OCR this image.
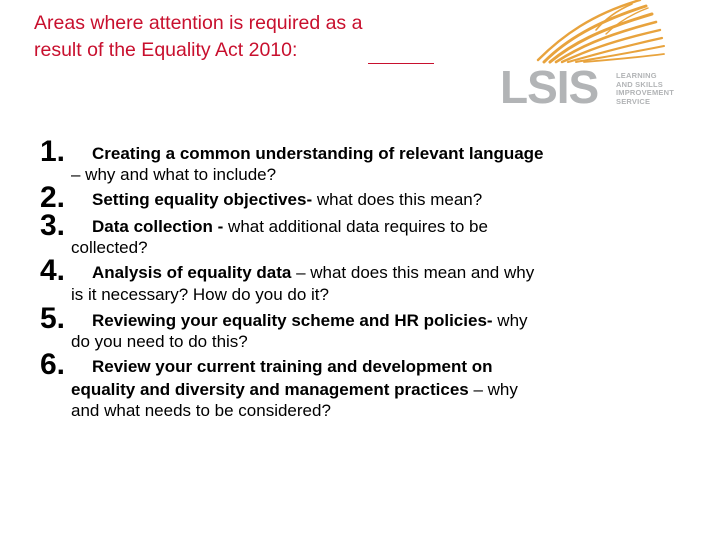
Areas where attention is required as a
result of the Equality Act 2010:
LSIS LEARNING
AND SKILLS
IMPROVEMENT
SERVICE
1.	Creating a common understanding of relevant language
– why and what to include?
2.	Setting equality objectives- what does this mean?
3.	Data collection - what additional data requires to be
collected?
4.	Analysis of equality data – what does this mean and why
is it necessary? How do you do it?
5.	Reviewing your equality scheme and HR policies- why
do you need to do this?
6.	Review your current training and development on
equality and diversity and management practices – why
and what needs to be considered?
